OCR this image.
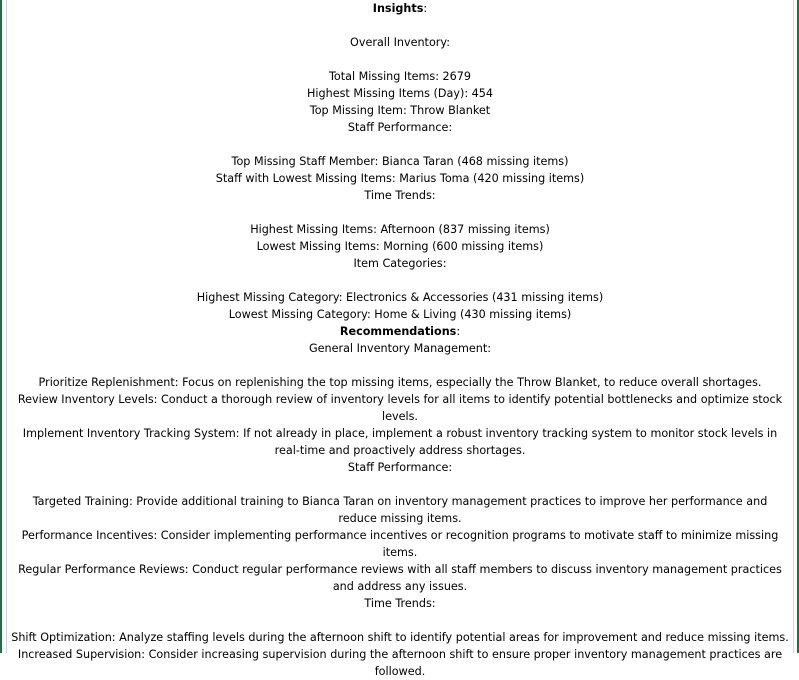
Insights:
Overall Inventory:
Total Missing Items: 2679
Highest Missing Items (Day): 454
Top Missing Item: Throw Blanket
Staff Performance:
Top Missing Staff Member: Bianca Taran (468 missing items)
Staff with Lowest Missing Items: Marius Toma (420 missing items)
Time Trends:
Highest Missing Items: Afternoon (837 missing items)
Lowest Missing Items: Morning (600 missing items)
Item Categories:
Highest Missing Category: Electronics & Accessories (431 missing items)
Lowest Missing Category: Home & Living (430 missing items)
Recommendations:
General Inventory Management:
Prioritize Replenishment: Focus on replenishing the top missing items, especially the Throw Blanket, to reduce overall shortages.
Review Inventory Levels: Conduct a thorough review of inventory levels for all items to identify potential bottlenecks and optimize stock levels.
Implement Inventory Tracking System: If not already in place, implement a robust inventory tracking system to monitor stock levels in real-time and proactively address shortages.
Staff Performance:
Targeted Training: Provide additional training to Bianca Taran on inventory management practices to improve her performance and reduce missing items.
Performance Incentives: Consider implementing performance incentives or recognition programs to motivate staff to minimize missing items.
Regular Performance Reviews: Conduct regular performance reviews with all staff members to discuss inventory management practices and address any issues.
Time Trends:
Shift Optimization: Analyze staffing levels during the afternoon shift to identify potential areas for improvement and reduce missing items.
Increased Supervision: Consider increasing supervision during the afternoon shift to ensure proper inventory management practices are followed.
